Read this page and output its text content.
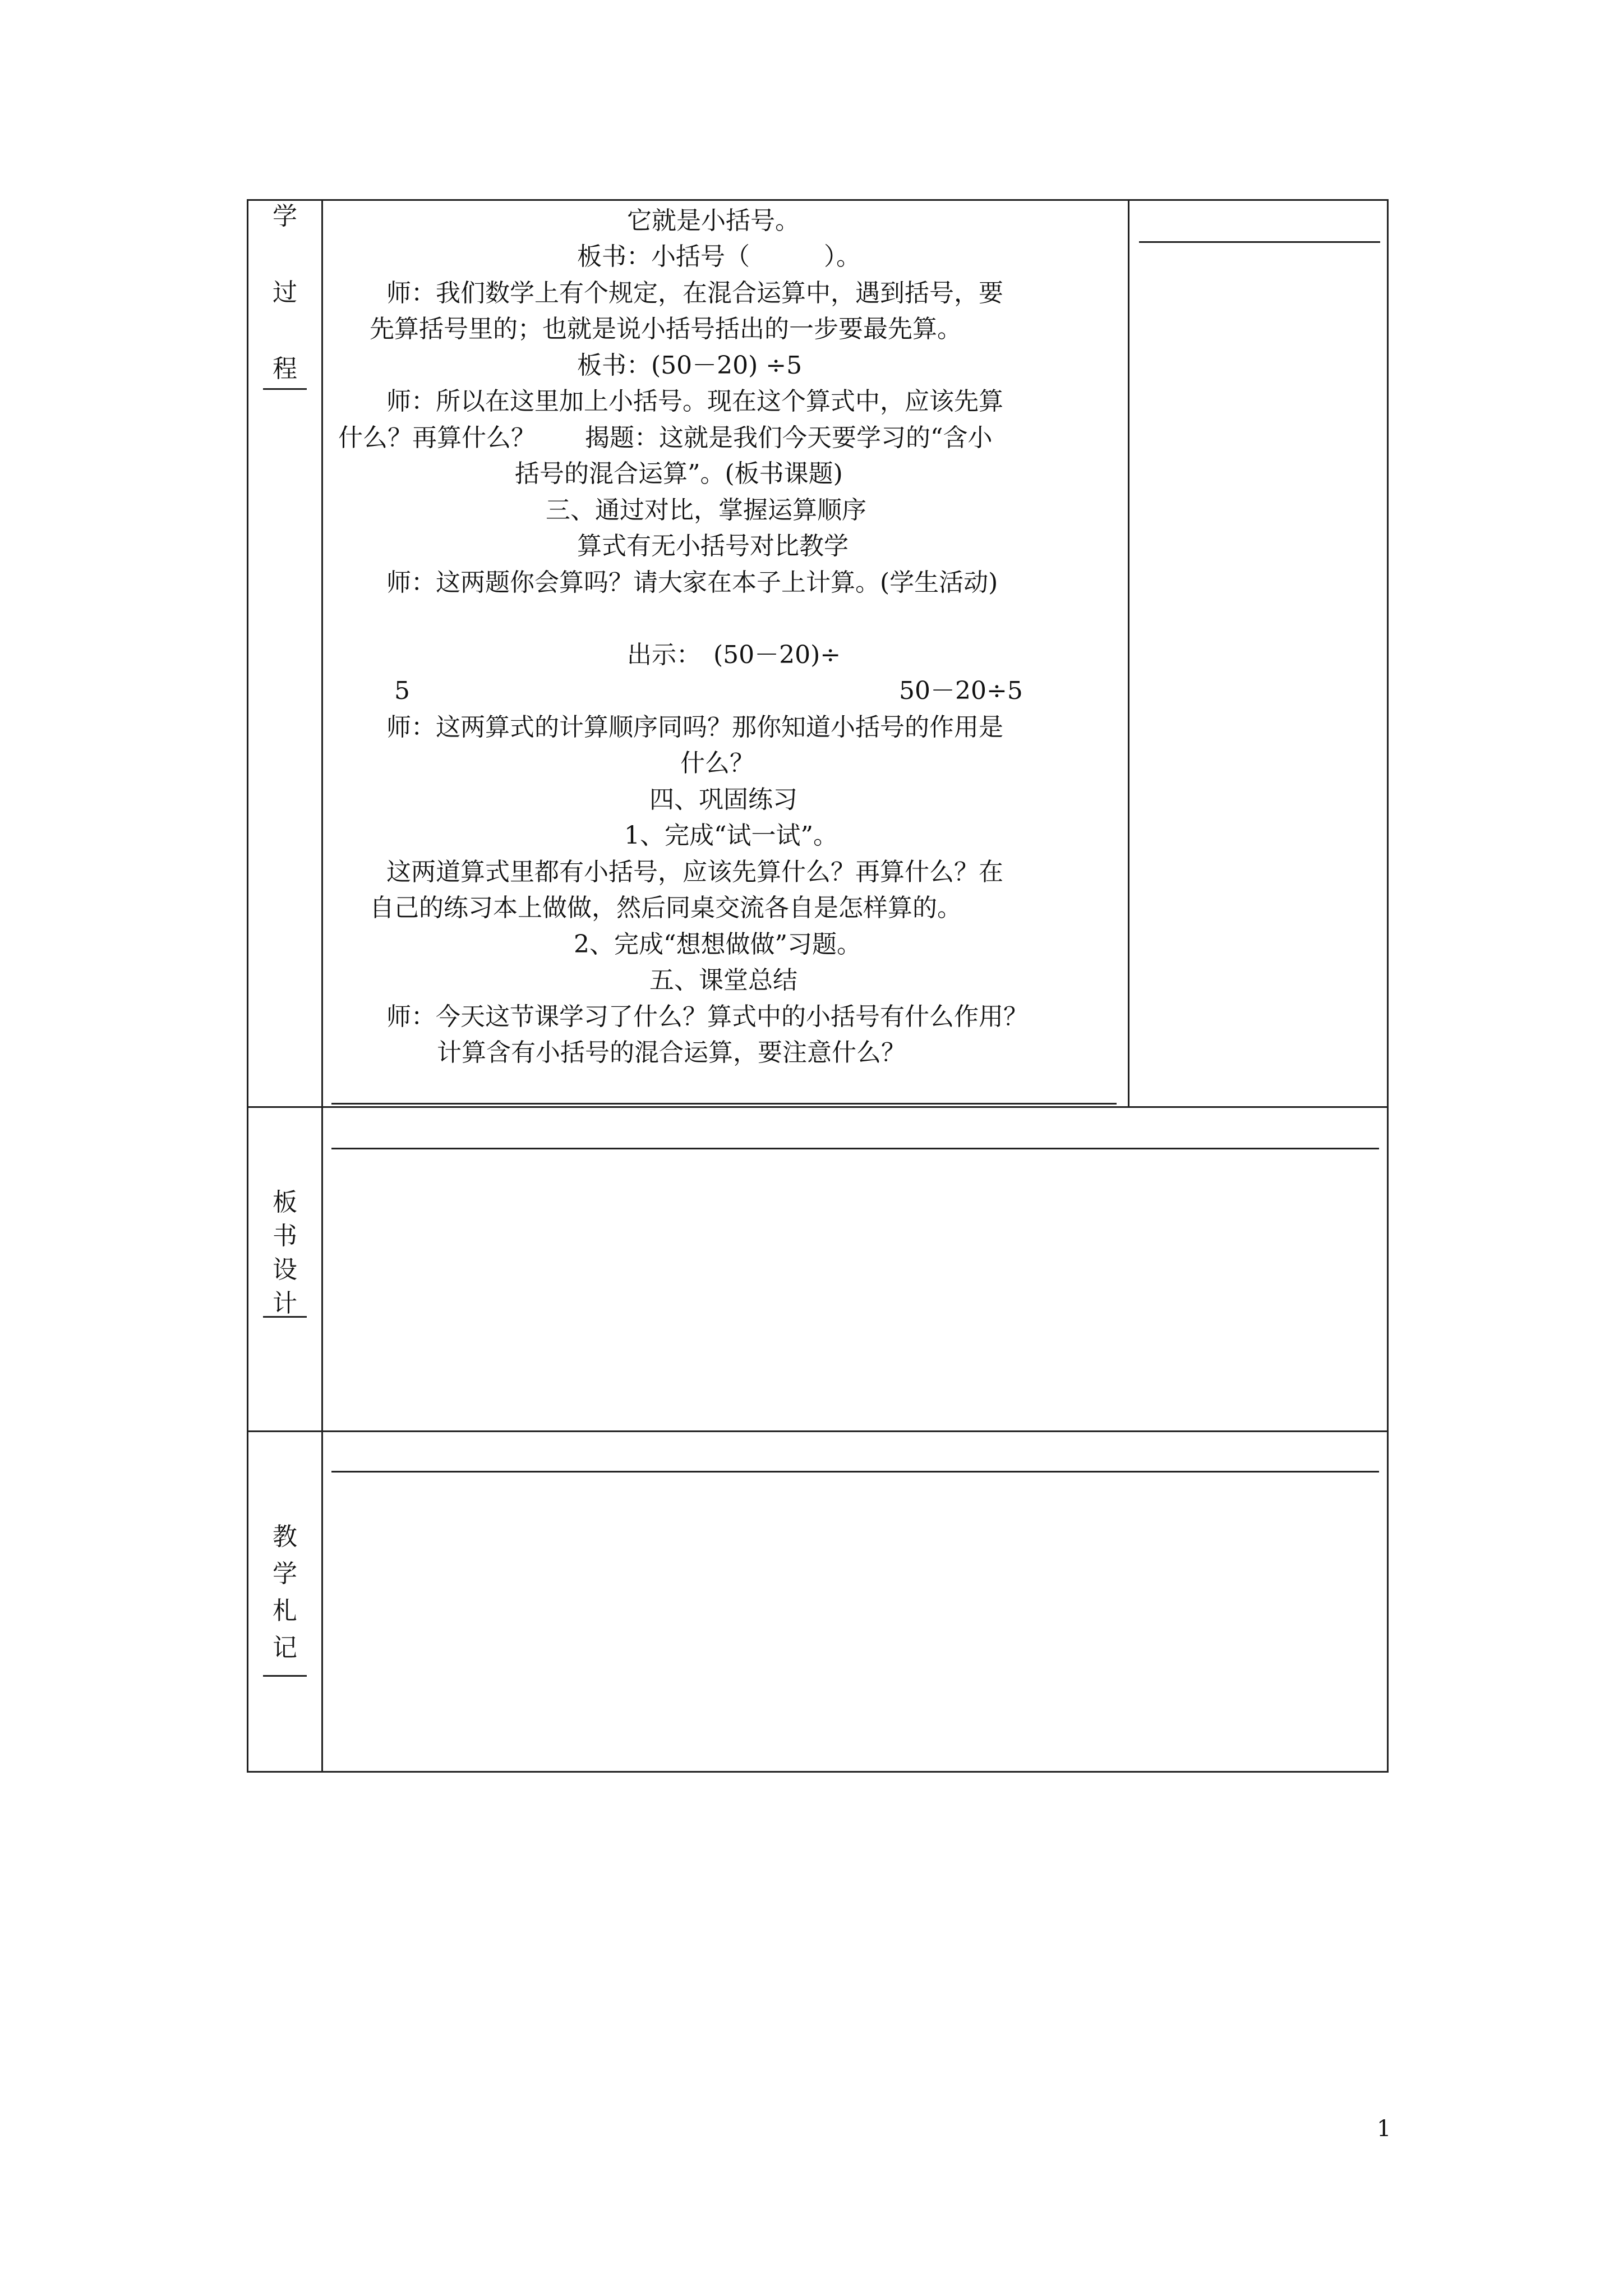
学
过
程
板
书
设
计
教
学
札
记
它就是小括号。
板书：小括号（　　　）。
师：我们数学上有个规定，在混合运算中，遇到括号，要
先算括号里的；也就是说小括号括出的一步要最先算。
板书：(50－20) ÷5
师：所以在这里加上小括号。现在这个算式中，应该先算
什么？再算什么？　　揭题：这就是我们今天要学习的“含小
括号的混合运算”。(板书课题)
三、通过对比，掌握运算顺序
算式有无小括号对比教学
师：这两题你会算吗？请大家在本子上计算。(学生活动)
出示：　(50－20)÷
5	50－20÷5
师：这两算式的计算顺序同吗？那你知道小括号的作用是
什么？
四、巩固练习
1、完成“试一试”。
这两道算式里都有小括号，应该先算什么？再算什么？在
自己的练习本上做做，然后同桌交流各自是怎样算的。
2、完成“想想做做”习题。
五、课堂总结
师：今天这节课学习了什么？算式中的小括号有什么作用？
计算含有小括号的混合运算，要注意什么？
1
